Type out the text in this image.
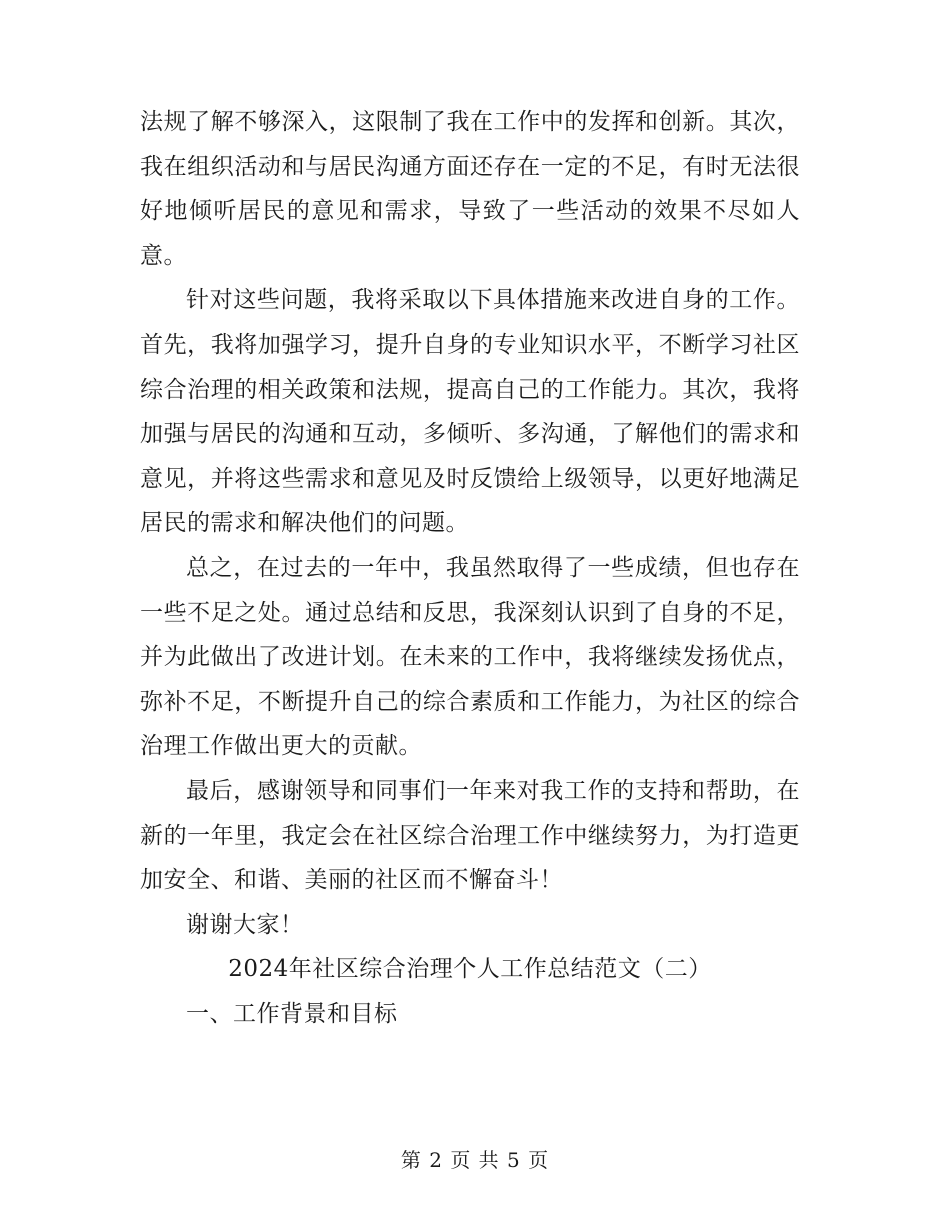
法规了解不够深入，这限制了我在工作中的发挥和创新。其次，我在组织活动和与居民沟通方面还存在一定的不足，有时无法很好地倾听居民的意见和需求，导致了一些活动的效果不尽如人意。

针对这些问题，我将采取以下具体措施来改进自身的工作。首先，我将加强学习，提升自身的专业知识水平，不断学习社区综合治理的相关政策和法规，提高自己的工作能力。其次，我将加强与居民的沟通和互动，多倾听、多沟通，了解他们的需求和意见，并将这些需求和意见及时反馈给上级领导，以更好地满足居民的需求和解决他们的问题。

总之，在过去的一年中，我虽然取得了一些成绩，但也存在一些不足之处。通过总结和反思，我深刻认识到了自身的不足，并为此做出了改进计划。在未来的工作中，我将继续发扬优点，弥补不足，不断提升自己的综合素质和工作能力，为社区的综合治理工作做出更大的贡献。

最后，感谢领导和同事们一年来对我工作的支持和帮助，在新的一年里，我定会在社区综合治理工作中继续努力，为打造更加安全、和谐、美丽的社区而不懈奋斗！

谢谢大家！

2024年社区综合治理个人工作总结范文（二）

一、工作背景和目标

第 2 页 共 5 页
